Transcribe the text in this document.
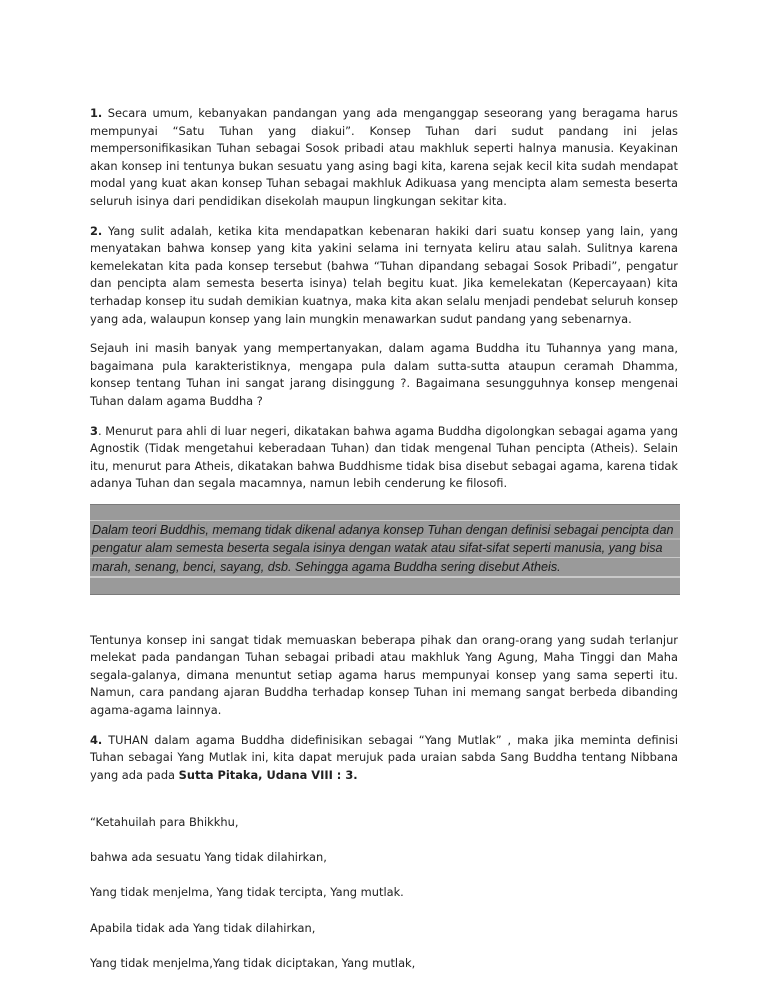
1. Secara umum, kebanyakan pandangan yang ada menganggap seseorang yang beragama harus mempunyai “Satu Tuhan yang diakui”. Konsep Tuhan dari sudut pandang ini jelas mempersonifikasikan Tuhan sebagai Sosok pribadi atau makhluk seperti halnya manusia. Keyakinan akan konsep ini tentunya bukan sesuatu yang asing bagi kita, karena sejak kecil kita sudah mendapat modal yang kuat akan konsep Tuhan sebagai makhluk Adikuasa yang mencipta alam semesta beserta seluruh isinya dari pendidikan disekolah maupun lingkungan sekitar kita.

2. Yang sulit adalah, ketika kita mendapatkan kebenaran hakiki dari suatu konsep yang lain, yang menyatakan bahwa konsep yang kita yakini selama ini ternyata keliru atau salah. Sulitnya karena kemelekatan kita pada konsep tersebut (bahwa “Tuhan dipandang sebagai Sosok Pribadi”, pengatur dan pencipta alam semesta beserta isinya) telah begitu kuat. Jika kemelekatan (Kepercayaan) kita terhadap konsep itu sudah demikian kuatnya, maka kita akan selalu menjadi pendebat seluruh konsep yang ada, walaupun konsep yang lain mungkin menawarkan sudut pandang yang sebenarnya.

Sejauh ini masih banyak yang mempertanyakan, dalam agama Buddha itu Tuhannya yang mana, bagaimana pula karakteristiknya, mengapa pula dalam sutta-sutta ataupun ceramah Dhamma, konsep tentang Tuhan ini sangat jarang disinggung ?. Bagaimana sesungguhnya konsep mengenai Tuhan dalam agama Buddha ?

3. Menurut para ahli di luar negeri, dikatakan bahwa agama Buddha digolongkan sebagai agama yang Agnostik (Tidak mengetahui keberadaan Tuhan) dan tidak mengenal Tuhan pencipta (Atheis). Selain itu, menurut para Atheis, dikatakan bahwa Buddhisme tidak bisa disebut sebagai agama, karena tidak adanya Tuhan dan segala macamnya, namun lebih cenderung ke filosofi.

Dalam teori Buddhis, memang tidak dikenal adanya konsep Tuhan dengan definisi sebagai pencipta dan pengatur alam semesta beserta segala isinya dengan watak atau sifat-sifat seperti manusia, yang bisa marah, senang, benci, sayang, dsb. Sehingga agama Buddha sering disebut Atheis.

Tentunya konsep ini sangat tidak memuaskan beberapa pihak dan orang-orang yang sudah terlanjur melekat pada pandangan Tuhan sebagai pribadi atau makhluk Yang Agung, Maha Tinggi dan Maha segala-galanya, dimana menuntut setiap agama harus mempunyai konsep yang sama seperti itu. Namun, cara pandang ajaran Buddha terhadap konsep Tuhan ini memang sangat berbeda dibanding agama-agama lainnya.

4. TUHAN dalam agama Buddha didefinisikan sebagai “Yang Mutlak” , maka jika meminta definisi Tuhan sebagai Yang Mutlak ini, kita dapat merujuk pada uraian sabda Sang Buddha tentang Nibbana yang ada pada Sutta Pitaka, Udana VIII : 3.

“Ketahuilah para Bhikkhu,

bahwa ada sesuatu Yang tidak dilahirkan,

Yang tidak menjelma, Yang tidak tercipta, Yang mutlak.

Apabila tidak ada Yang tidak dilahirkan,

Yang tidak menjelma,Yang tidak diciptakan, Yang mutlak,
